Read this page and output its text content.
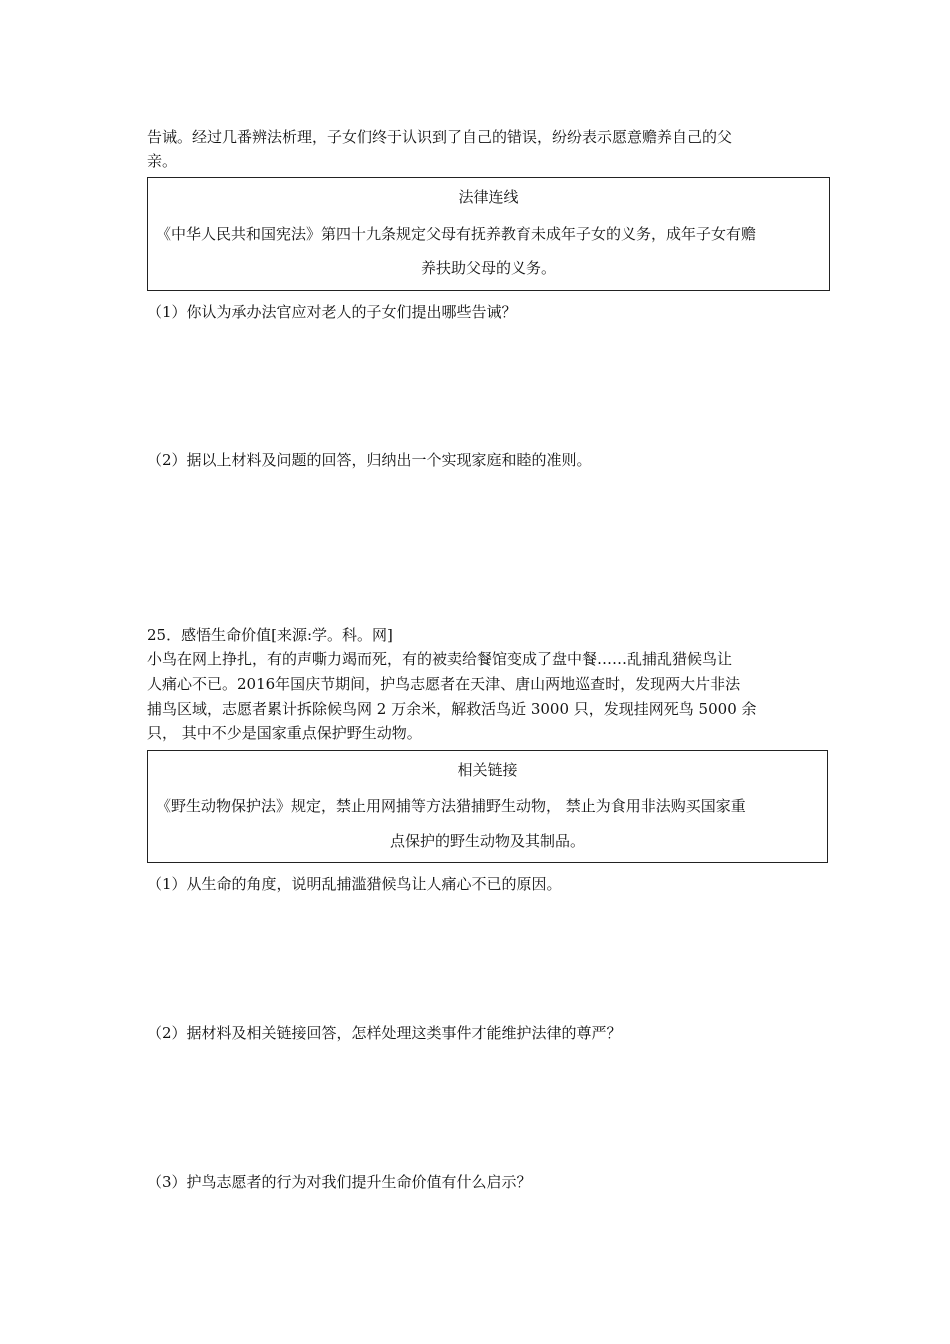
告诫。经过几番辨法析理，子女们终于认识到了自己的错误，纷纷表示愿意赡养自己的父
亲。
法律连线
《中华人民共和国宪法》第四十九条规定父母有抚养教育未成年子女的义务，成年子女有赡
养扶助父母的义务。
（1）你认为承办法官应对老人的子女们提出哪些告诫？
（2）据以上材料及问题的回答，归纳出一个实现家庭和睦的准则。
25．感悟生命价值[来源:学。科。网]
小鸟在网上挣扎，有的声嘶力竭而死，有的被卖给餐馆变成了盘中餐……乱捕乱猎候鸟让
人痛心不已。2016年国庆节期间，护鸟志愿者在天津、唐山两地巡查时，发现两大片非法
捕鸟区域，志愿者累计拆除候鸟网 2 万余米，解救活鸟近 3000 只，发现挂网死鸟 5000 余
只， 其中不少是国家重点保护野生动物。
相关链接
《野生动物保护法》规定，禁止用网捕等方法猎捕野生动物， 禁止为食用非法购买国家重
点保护的野生动物及其制品。
（1）从生命的角度，说明乱捕滥猎候鸟让人痛心不已的原因。
（2）据材料及相关链接回答，怎样处理这类事件才能维护法律的尊严？
（3）护鸟志愿者的行为对我们提升生命价值有什么启示？
